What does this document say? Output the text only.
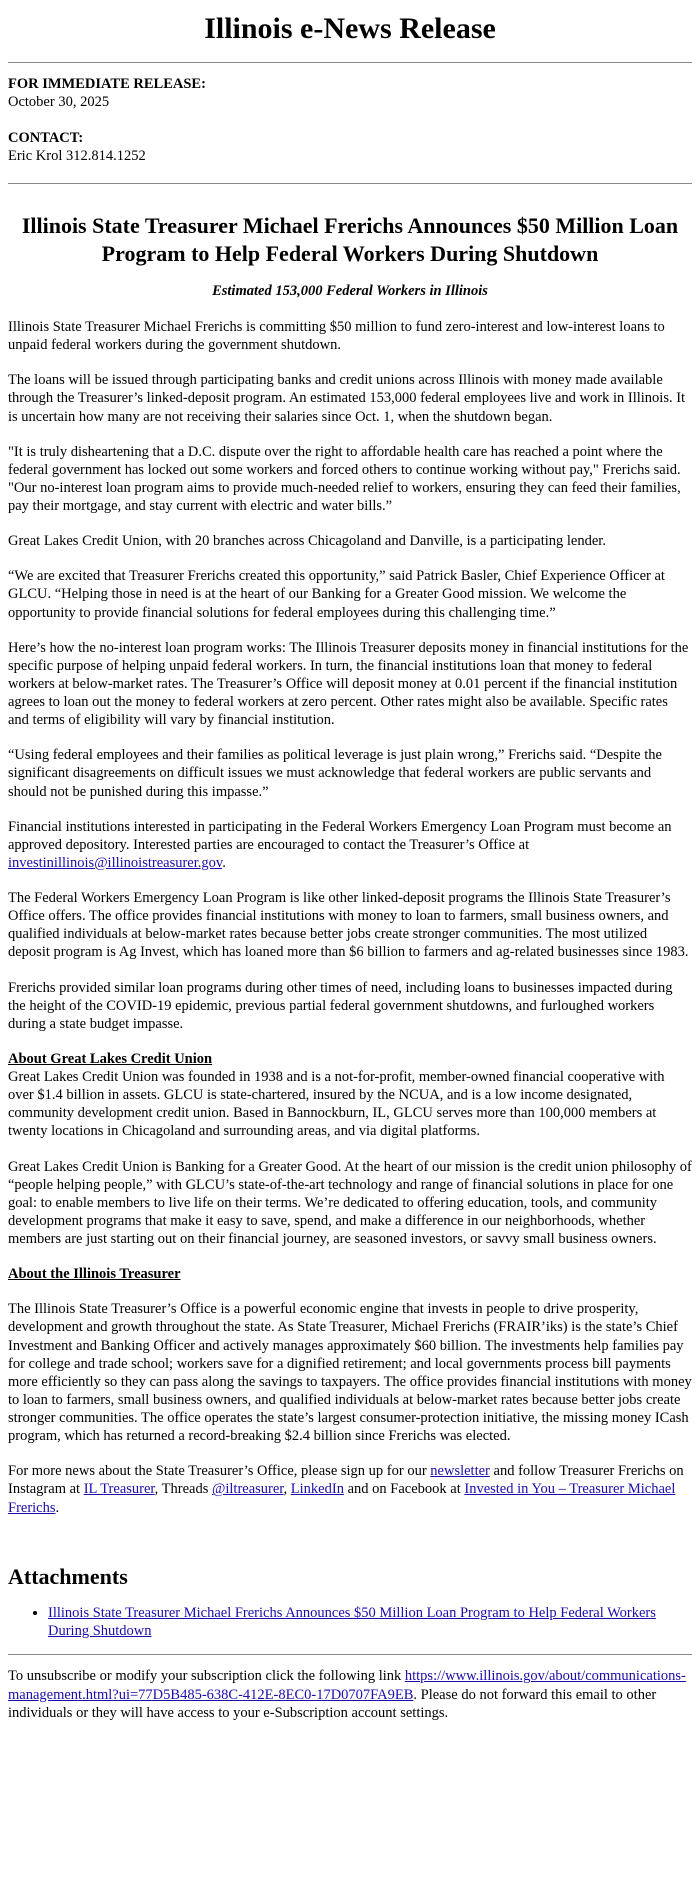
Illinois e-News Release

FOR IMMEDIATE RELEASE:

October 30, 2025

CONTACT:

Eric Krol 312.814.1252

Illinois State Treasurer Michael Frerichs Announces $50 Million Loan Program to Help Federal Workers During Shutdown

Estimated 153,000 Federal Workers in Illinois

Illinois State Treasurer Michael Frerichs is committing $50 million to fund zero-interest and low-interest loans to unpaid federal workers during the government shutdown.

The loans will be issued through participating banks and credit unions across Illinois with money made available through the Treasurer’s linked-deposit program. An estimated 153,000 federal employees live and work in Illinois. It is uncertain how many are not receiving their salaries since Oct. 1, when the shutdown began.

"It is truly disheartening that a D.C. dispute over the right to affordable health care has reached a point where the federal government has locked out some workers and forced others to continue working without pay," Frerichs said. "Our no-interest loan program aims to provide much-needed relief to workers, ensuring they can feed their families, pay their mortgage, and stay current with electric and water bills.”

Great Lakes Credit Union, with 20 branches across Chicagoland and Danville, is a participating lender.

“We are excited that Treasurer Frerichs created this opportunity,” said Patrick Basler, Chief Experience Officer at GLCU. “Helping those in need is at the heart of our Banking for a Greater Good mission. We welcome the opportunity to provide financial solutions for federal employees during this challenging time.”

Here’s how the no-interest loan program works: The Illinois Treasurer deposits money in financial institutions for the specific purpose of helping unpaid federal workers. In turn, the financial institutions loan that money to federal workers at below-market rates. The Treasurer’s Office will deposit money at 0.01 percent if the financial institution agrees to loan out the money to federal workers at zero percent. Other rates might also be available. Specific rates and terms of eligibility will vary by financial institution.

“Using federal employees and their families as political leverage is just plain wrong,” Frerichs said. “Despite the significant disagreements on difficult issues we must acknowledge that federal workers are public servants and should not be punished during this impasse.”

Financial institutions interested in participating in the Federal Workers Emergency Loan Program must become an approved depository. Interested parties are encouraged to contact the Treasurer’s Office at investinillinois@illinoistreasurer.gov.

The Federal Workers Emergency Loan Program is like other linked-deposit programs the Illinois State Treasurer’s Office offers. The office provides financial institutions with money to loan to farmers, small business owners, and qualified individuals at below-market rates because better jobs create stronger communities. The most utilized deposit program is Ag Invest, which has loaned more than $6 billion to farmers and ag-related businesses since 1983.

Frerichs provided similar loan programs during other times of need, including loans to businesses impacted during the height of the COVID-19 epidemic, previous partial federal government shutdowns, and furloughed workers during a state budget impasse.

About Great Lakes Credit Union

Great Lakes Credit Union was founded in 1938 and is a not-for-profit, member-owned financial cooperative with over $1.4 billion in assets. GLCU is state-chartered, insured by the NCUA, and is a low income designated, community development credit union. Based in Bannockburn, IL, GLCU serves more than 100,000 members at twenty locations in Chicagoland and surrounding areas, and via digital platforms.

Great Lakes Credit Union is Banking for a Greater Good. At the heart of our mission is the credit union philosophy of “people helping people,” with GLCU’s state-of-the-art technology and range of financial solutions in place for one goal: to enable members to live life on their terms. We’re dedicated to offering education, tools, and community development programs that make it easy to save, spend, and make a difference in our neighborhoods, whether members are just starting out on their financial journey, are seasoned investors, or savvy small business owners.

About the Illinois Treasurer

The Illinois State Treasurer’s Office is a powerful economic engine that invests in people to drive prosperity, development and growth throughout the state. As State Treasurer, Michael Frerichs (FRAIR’iks) is the state’s Chief Investment and Banking Officer and actively manages approximately $60 billion. The investments help families pay for college and trade school; workers save for a dignified retirement; and local governments process bill payments more efficiently so they can pass along the savings to taxpayers. The office provides financial institutions with money to loan to farmers, small business owners, and qualified individuals at below-market rates because better jobs create stronger communities. The office operates the state’s largest consumer-protection initiative, the missing money ICash program, which has returned a record-breaking $2.4 billion since Frerichs was elected.

For more news about the State Treasurer’s Office, please sign up for our newsletter and follow Treasurer Frerichs on Instagram at IL Treasurer, Threads @iltreasurer, LinkedIn and on Facebook at Invested in You – Treasurer Michael Frerichs.

Attachments
• Illinois State Treasurer Michael Frerichs Announces $50 Million Loan Program to Help Federal Workers During Shutdown
To unsubscribe or modify your subscription click the following link https://www.illinois.gov/about/communications-management.html?ui=77D5B485-638C-412E-8EC0-17D0707FA9EB. Please do not forward this email to other individuals or they will have access to your e-Subscription account settings.
